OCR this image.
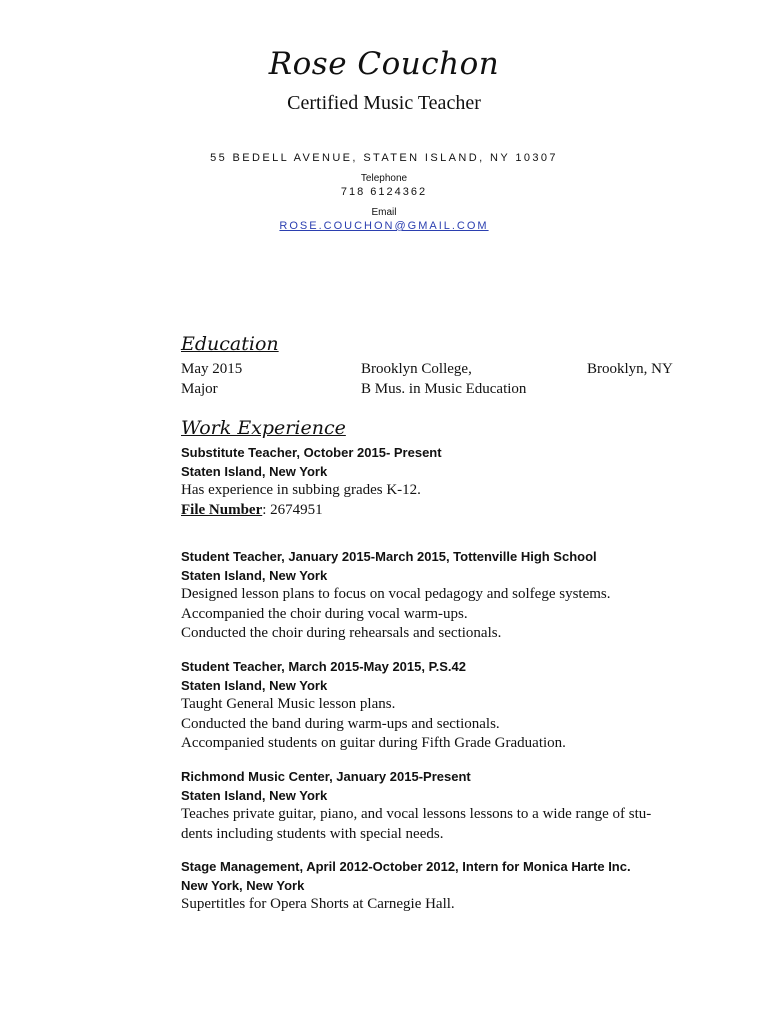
Rose Couchon
Certified Music Teacher
55 BEDELL AVENUE, STATEN ISLAND, NY 10307
Telephone
718 6124362
Email
ROSE.COUCHON@GMAIL.COM
Education
May 2015	Brooklyn College,	Brooklyn, NY
Major	B Mus. in Music Education
Work Experience
Substitute Teacher, October 2015- Present
Staten Island, New York
Has experience in subbing grades K-12.
File Number: 2674951
Student Teacher, January 2015-March 2015, Tottenville High School
Staten Island, New York
Designed lesson plans to focus on vocal pedagogy and solfege systems.
Accompanied the choir during vocal warm-ups.
Conducted the choir during rehearsals and sectionals.
Student Teacher, March 2015-May 2015, P.S.42
Staten Island, New York
Taught General Music lesson plans.
Conducted the band during warm-ups and sectionals.
Accompanied students on guitar during Fifth Grade Graduation.
Richmond Music Center, January 2015-Present
Staten Island, New York
Teaches private guitar, piano, and vocal lessons lessons to a wide range of stu-
dents including students with special needs.
Stage Management, April 2012-October 2012, Intern for Monica Harte Inc.
New York, New York
Supertitles for Opera Shorts at Carnegie Hall.
